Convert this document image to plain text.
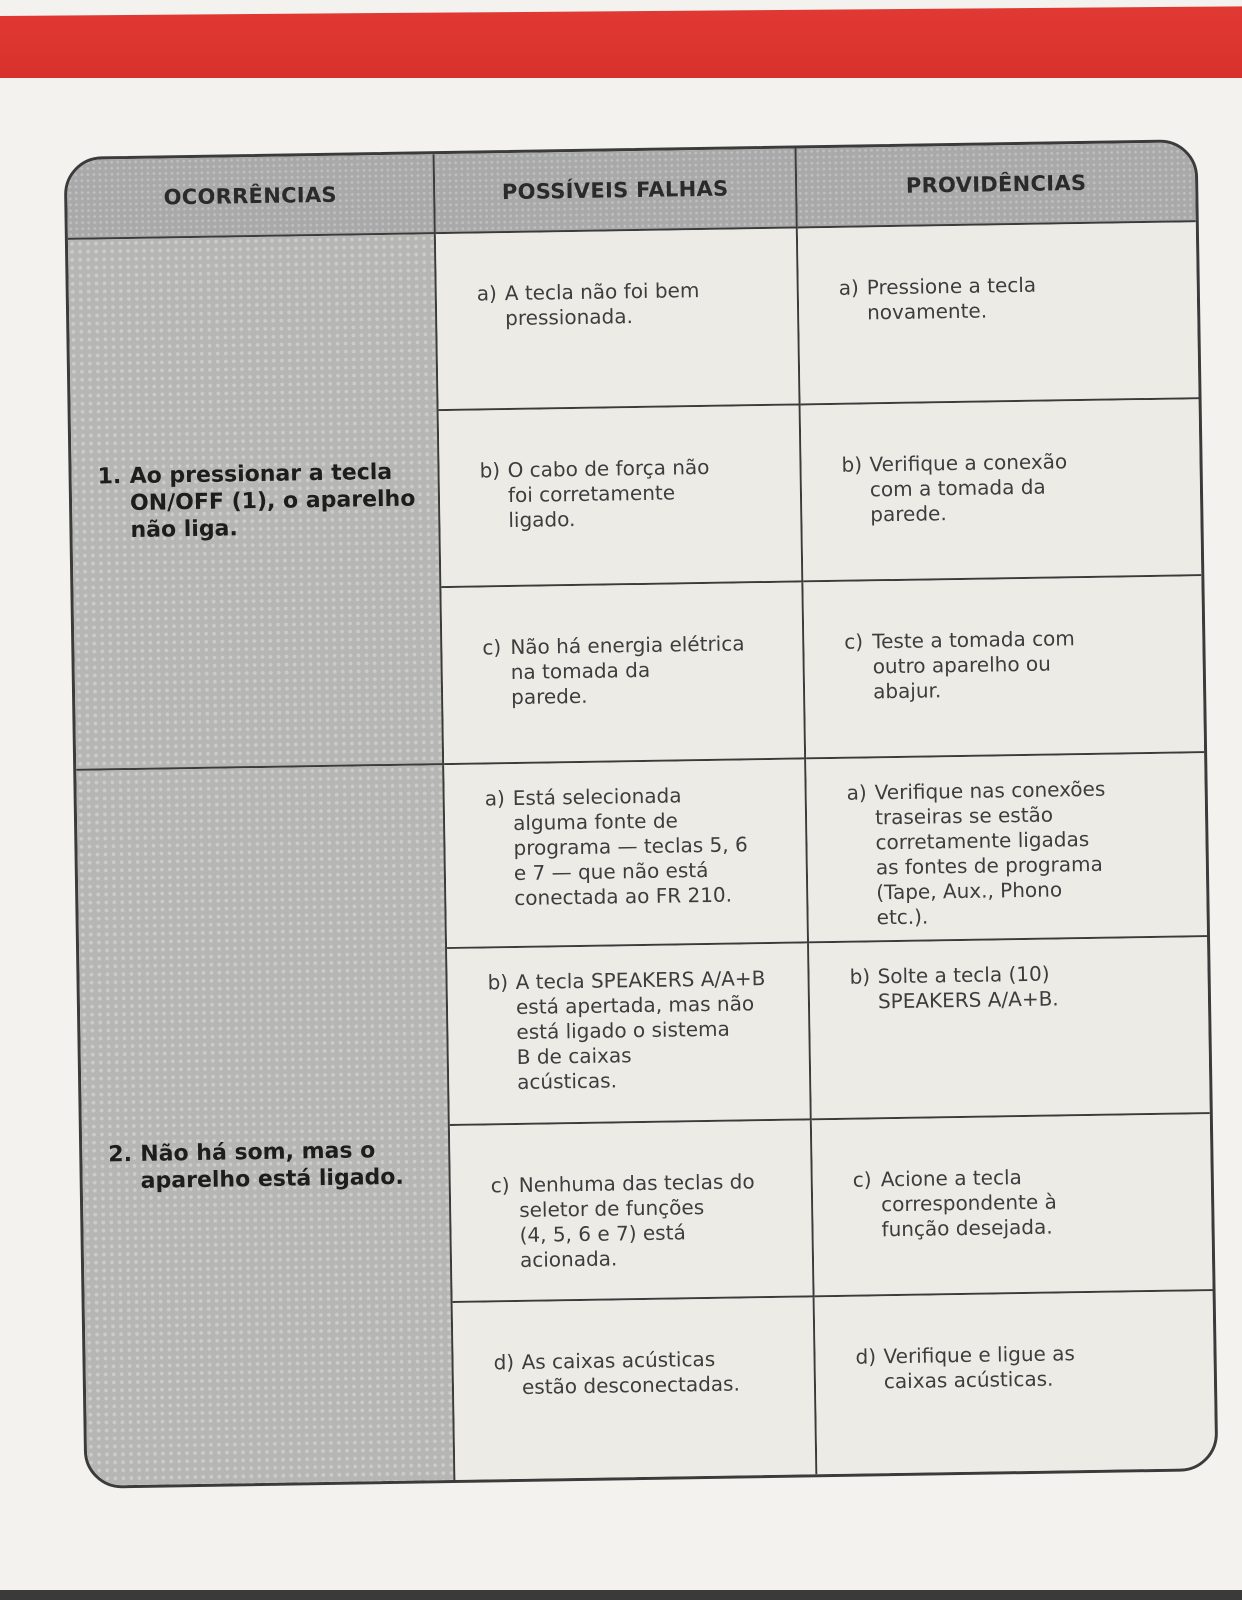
OCORRÊNCIAS	POSSÍVEIS FALHAS	PROVIDÊNCIAS
1. Ao pressionar a tecla
ON/OFF (1), o aparelho
não liga.
a) A tecla não foi bem
pressionada.
a) Pressione a tecla
novamente.
b) O cabo de força não
foi corretamente
ligado.
b) Verifique a conexão
com a tomada da
parede.
c) Não há energia elétrica
na tomada da
parede.
c) Teste a tomada com
outro aparelho ou
abajur.
2. Não há som, mas o
aparelho está ligado.
a) Está selecionada
alguma fonte de
programa — teclas 5, 6
e 7 — que não está
conectada ao FR 210.
a) Verifique nas conexões
traseiras se estão
corretamente ligadas
as fontes de programa
(Tape, Aux., Phono
etc.).
b) A tecla SPEAKERS A/A+B
está apertada, mas não
está ligado o sistema
B de caixas
acústicas.
b) Solte a tecla (10)
SPEAKERS A/A+B.
c) Nenhuma das teclas do
seletor de funções
(4, 5, 6 e 7) está
acionada.
c) Acione a tecla
correspondente à
função desejada.
d) As caixas acústicas
estão desconectadas.
d) Verifique e ligue as
caixas acústicas.
